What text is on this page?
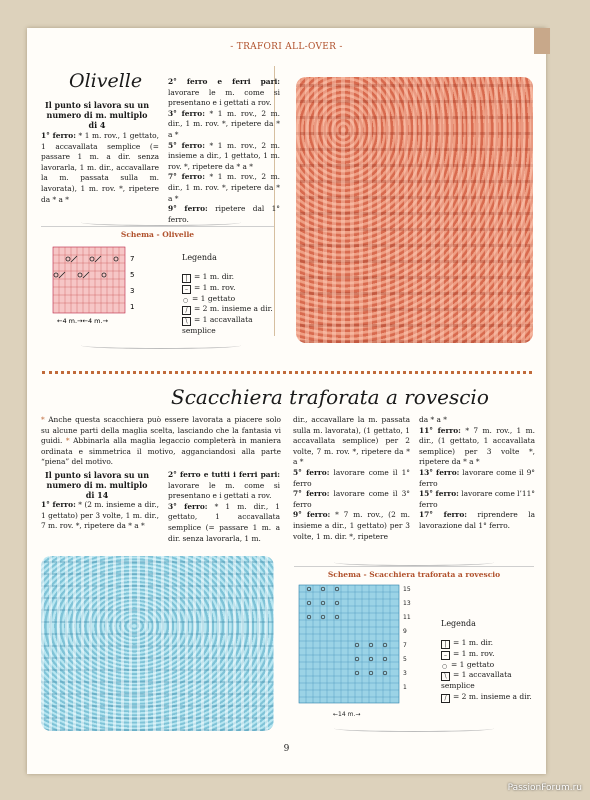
- TRAFORI ALL-OVER -
Olivelle
Il punto si lavora su un numero di m. multiplo di 4
1° ferro: * 1 m. rov., 1 gettato, 1 accavallata semplice (= passare 1 m. a dir. senza lavorarla, 1 m. dir., accavallare la m. passata sulla m. lavorata), 1 m. rov. *, ripetere da * a *
2° ferro e ferri pari: lavorare le m. come si presentano e i gettati a rov.
3° ferro: * 1 m. rov., 2 m. dir., 1 m. rov. *, ripetere da * a *
5° ferro: * 1 m. rov., 2 m. insieme a dir., 1 gettato, 1 m. rov. *, ripetere da * a *
7° ferro: * 1 m. rov., 2 m. dir., 1 m. rov. *, ripetere da * a *
9° ferro: ripetere dal 1° ferro.
Schema - Olivelle
7
5
3
1
←4 m.→←4 m.→
Legenda
| = 1 m. dir.
– = 1 m. rov.
○ = 1 gettato
/ = 2 m. insieme a dir.
\ = 1 accavallata semplice
Scacchiera traforata a rovescio
* Anche questa scacchiera può essere lavorata a piacere solo su alcune parti della maglia scelta, lasciando che la fantasia vi guidi. * Abbinarla alla maglia legaccio completerà in maniera ordinata e simmetrica il motivo, agganciandosi alla parte “piena” del motivo.
Il punto si lavora su un numero di m. multiplo di 14
1° ferro: * (2 m. insieme a dir., 1 gettato) per 3 volte, 1 m. dir., 7 m. rov. *, ripetere da * a *
2° ferro e tutti i ferri pari: lavorare le m. come si presentano e i gettati a rov.
3° ferro: * 1 m. dir., 1 gettato, 1 accavallata semplice (= passare 1 m. a dir. senza lavorarla, 1 m.
dir., accavallare la m. passata sulla m. lavorata), (1 gettato, 1 accavallata semplice) per 2 volte, 7 m. rov. *, ripetere da * a *
5° ferro: lavorare come il 1° ferro
7° ferro: lavorare come il 3° ferro
9° ferro: * 7 m. rov., (2 m. insieme a dir., 1 gettato) per 3 volte, 1 m. dir. *, ripetere
da * a *
11° ferro: * 7 m. rov., 1 m. dir., (1 gettato, 1 accavallata semplice) per 3 volte *, ripetere da * a *
13° ferro: lavorare come il 9° ferro
15° ferro: lavorare come l’11° ferro
17° ferro: riprendere la lavorazione dal 1° ferro.
Schema - Scacchiera traforata a rovescio
15
13
11
9
7
5
3
1
←14 m.→
Legenda
| = 1 m. dir.
– = 1 m. rov.
○ = 1 gettato
\ = 1 accavallata semplice
/ = 2 m. insieme a dir.
9
PassionForum.ru
